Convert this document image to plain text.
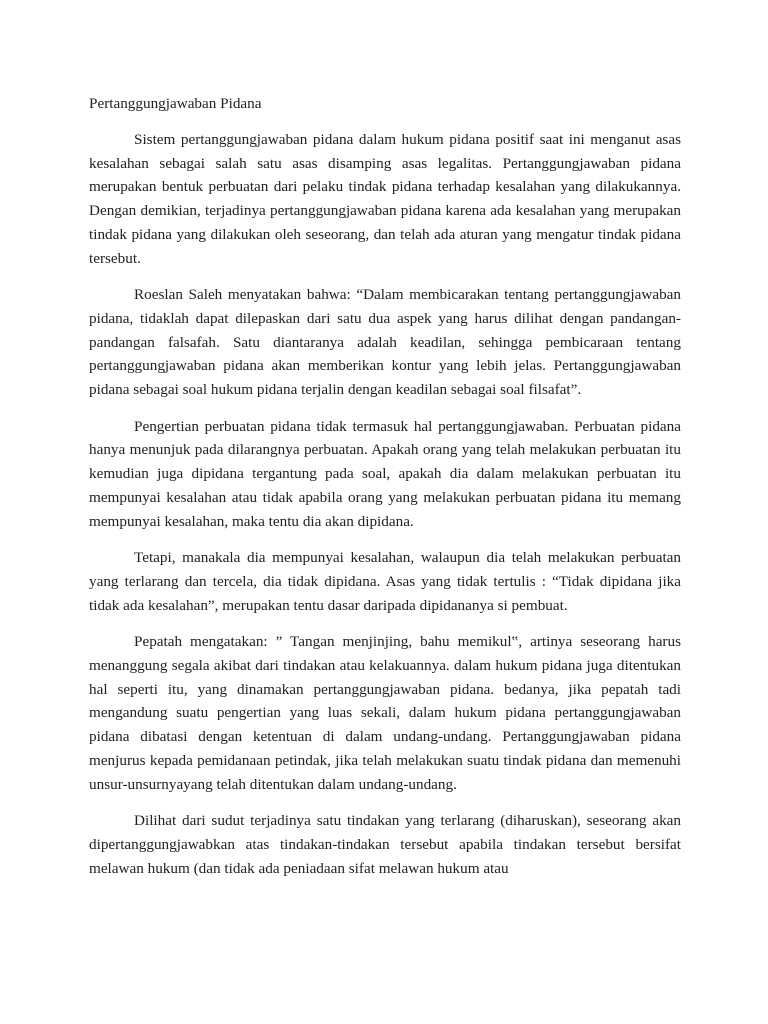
Pertanggungjawaban Pidana

Sistem pertanggungjawaban pidana dalam hukum pidana positif saat ini menganut asas kesalahan sebagai salah satu asas disamping asas legalitas. Pertanggungjawaban pidana merupakan bentuk perbuatan dari pelaku tindak pidana terhadap kesalahan yang dilakukannya. Dengan demikian, terjadinya pertanggungjawaban pidana karena ada kesalahan yang merupakan tindak pidana yang dilakukan oleh seseorang, dan telah ada aturan yang mengatur tindak pidana tersebut.

Roeslan Saleh menyatakan bahwa: “Dalam membicarakan tentang pertanggungjawaban pidana, tidaklah dapat dilepaskan dari satu dua aspek yang harus dilihat dengan pandangan-pandangan falsafah. Satu diantaranya adalah keadilan, sehingga pembicaraan tentang pertanggungjawaban pidana akan memberikan kontur yang lebih jelas. Pertanggungjawaban pidana sebagai soal hukum pidana terjalin dengan keadilan sebagai soal filsafat”.

Pengertian perbuatan pidana tidak termasuk hal pertanggungjawaban. Perbuatan pidana hanya menunjuk pada dilarangnya perbuatan. Apakah orang yang telah melakukan perbuatan itu kemudian juga dipidana tergantung pada soal, apakah dia dalam melakukan perbuatan itu mempunyai kesalahan atau tidak apabila orang yang melakukan perbuatan pidana itu memang mempunyai kesalahan, maka tentu dia akan dipidana.

Tetapi, manakala dia mempunyai kesalahan, walaupun dia telah melakukan perbuatan yang terlarang dan tercela, dia tidak dipidana. Asas yang tidak tertulis : “Tidak dipidana jika tidak ada kesalahan”, merupakan tentu dasar daripada dipidananya si pembuat.

Pepatah mengatakan: ” Tangan menjinjing, bahu memikul‟, artinya seseorang harus menanggung segala akibat dari tindakan atau kelakuannya. dalam hukum pidana juga ditentukan hal seperti itu, yang dinamakan pertanggungjawaban pidana. bedanya, jika pepatah tadi mengandung suatu pengertian yang luas sekali, dalam hukum pidana pertanggungjawaban pidana dibatasi dengan ketentuan di dalam undang-undang. Pertanggungjawaban pidana menjurus kepada pemidanaan petindak, jika telah melakukan suatu tindak pidana dan memenuhi unsur-unsurnyayang telah ditentukan dalam undang-undang.

Dilihat dari sudut terjadinya satu tindakan yang terlarang (diharuskan), seseorang akan dipertanggungjawabkan atas tindakan-tindakan tersebut apabila tindakan tersebut bersifat melawan hukum (dan tidak ada peniadaan sifat melawan hukum atau
